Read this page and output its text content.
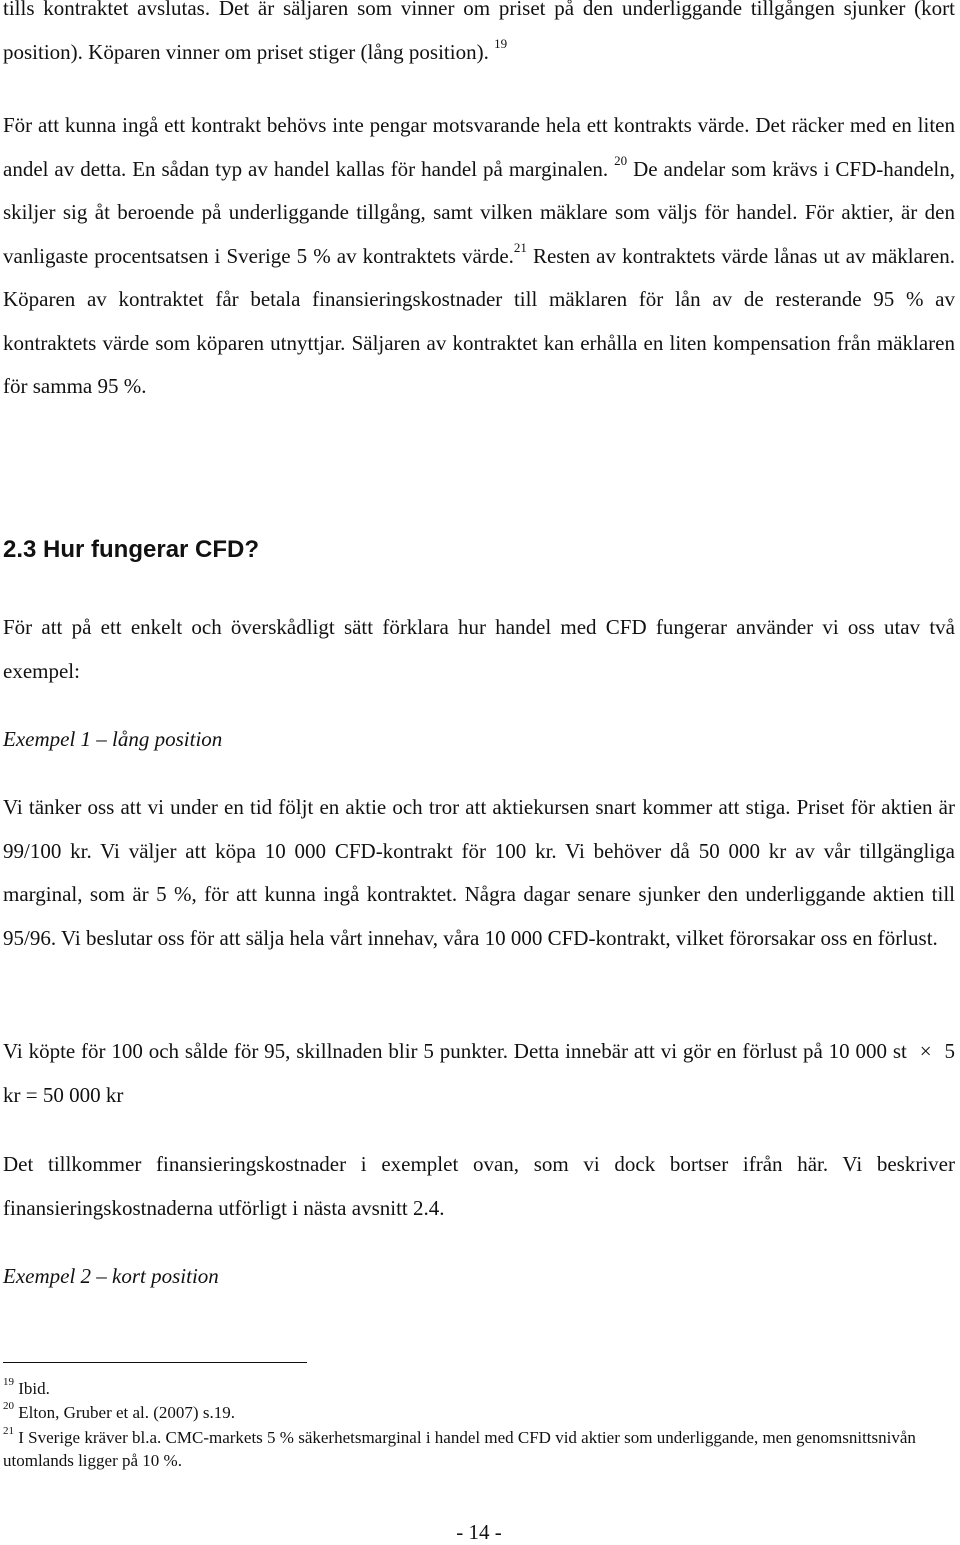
tills kontraktet avslutas. Det är säljaren som vinner om priset på den underliggande tillgången sjunker (kort position). Köparen vinner om priset stiger (lång position). $^{19}$

För att kunna ingå ett kontrakt behövs inte pengar motsvarande hela ett kontrakts värde. Det räcker med en liten andel av detta. En sådan typ av handel kallas för handel på marginalen. $^{20}$ De andelar som krävs i CFD-handeln, skiljer sig åt beroende på underliggande tillgång, samt vilken mäklare som väljs för handel. För aktier, är den vanligaste procentsatsen i Sverige 5 % av kontraktets värde.$^{21}$ Resten av kontraktets värde lånas ut av mäklaren. Köparen av kontraktet får betala finansieringskostnader till mäklaren för lån av de resterande 95 % av kontraktets värde som köparen utnyttjar. Säljaren av kontraktet kan erhålla en liten kompensation från mäklaren för samma 95 %.

2.3 Hur fungerar CFD?

För att på ett enkelt och överskådligt sätt förklara hur handel med CFD fungerar använder vi oss utav två exempel:

Exempel 1 – lång position

Vi tänker oss att vi under en tid följt en aktie och tror att aktiekursen snart kommer att stiga. Priset för aktien är 99/100 kr. Vi väljer att köpa 10 000 CFD-kontrakt för 100 kr. Vi behöver då 50 000 kr av vår tillgängliga marginal, som är 5 %, för att kunna ingå kontraktet. Några dagar senare sjunker den underliggande aktien till 95/96. Vi beslutar oss för att sälja hela vårt innehav, våra 10 000 CFD-kontrakt, vilket förorsakar oss en förlust.

Vi köpte för 100 och sålde för 95, skillnaden blir 5 punkter. Detta innebär att vi gör en förlust på 10 000 st × 5 kr = 50 000 kr

Det tillkommer finansieringskostnader i exemplet ovan, som vi dock bortser ifrån här. Vi beskriver finansieringskostnaderna utförligt i nästa avsnitt 2.4.

Exempel 2 – kort position

$^{19}$ Ibid.

$^{20}$ Elton, Gruber et al. (2007) s.19.

$^{21}$ I Sverige kräver bl.a. CMC-markets 5 % säkerhetsmarginal i handel med CFD vid aktier som underliggande, men genomsnittsnivån utomlands ligger på 10 %.

- 14 -
